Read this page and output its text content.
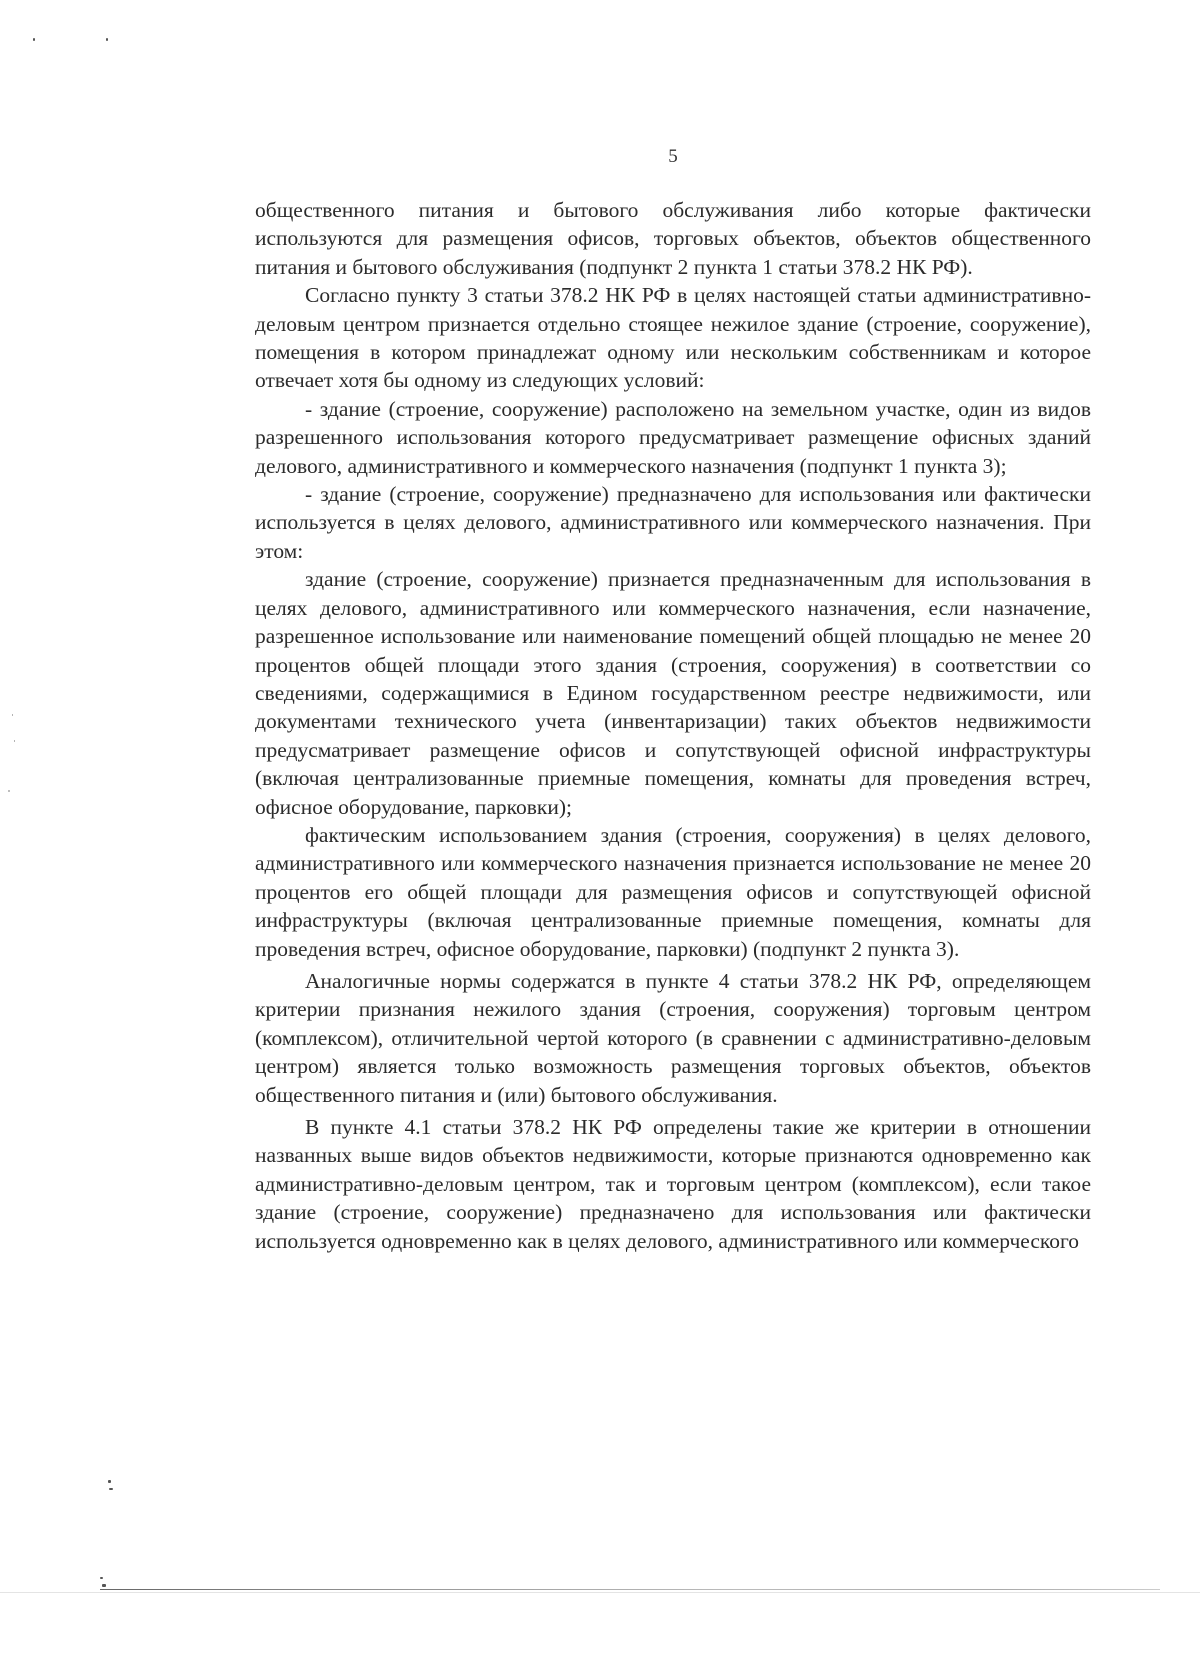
5

общественного питания и бытового обслуживания либо которые фактически используются для размещения офисов, торговых объектов, объектов общественного питания и бытового обслуживания (подпункт 2 пункта 1 статьи 378.2 НК РФ).

Согласно пункту 3 статьи 378.2 НК РФ в целях настоящей статьи административно-деловым центром признается отдельно стоящее нежилое здание (строение, сооружение), помещения в котором принадлежат одному или нескольким собственникам и которое отвечает хотя бы одному из следующих условий:

- здание (строение, сооружение) расположено на земельном участке, один из видов разрешенного использования которого предусматривает размещение офисных зданий делового, административного и коммерческого назначения (подпункт 1 пункта 3);

- здание (строение, сооружение) предназначено для использования или фактически используется в целях делового, административного или коммерческого назначения. При этом:

здание (строение, сооружение) признается предназначенным для использования в целях делового, административного или коммерческого назначения, если назначение, разрешенное использование или наименование помещений общей площадью не менее 20 процентов общей площади этого здания (строения, сооружения) в соответствии со сведениями, содержащимися в Едином государственном реестре недвижимости, или документами технического учета (инвентаризации) таких объектов недвижимости предусматривает размещение офисов и сопутствующей офисной инфраструктуры (включая централизованные приемные помещения, комнаты для проведения встреч, офисное оборудование, парковки);

фактическим использованием здания (строения, сооружения) в целях делового, административного или коммерческого назначения признается использование не менее 20 процентов его общей площади для размещения офисов и сопутствующей офисной инфраструктуры (включая централизованные приемные помещения, комнаты для проведения встреч, офисное оборудование, парковки) (подпункт 2 пункта 3).

Аналогичные нормы содержатся в пункте 4 статьи 378.2 НК РФ, определяющем критерии признания нежилого здания (строения, сооружения) торговым центром (комплексом), отличительной чертой которого (в сравнении с административно-деловым центром) является только возможность размещения торговых объектов, объектов общественного питания и (или) бытового обслуживания.

В пункте 4.1 статьи 378.2 НК РФ определены такие же критерии в отношении названных выше видов объектов недвижимости, которые признаются одновременно как административно-деловым центром, так и торговым центром (комплексом), если такое здание (строение, сооружение) предназначено для использования или фактически используется одновременно как в целях делового, административного или коммерческого
